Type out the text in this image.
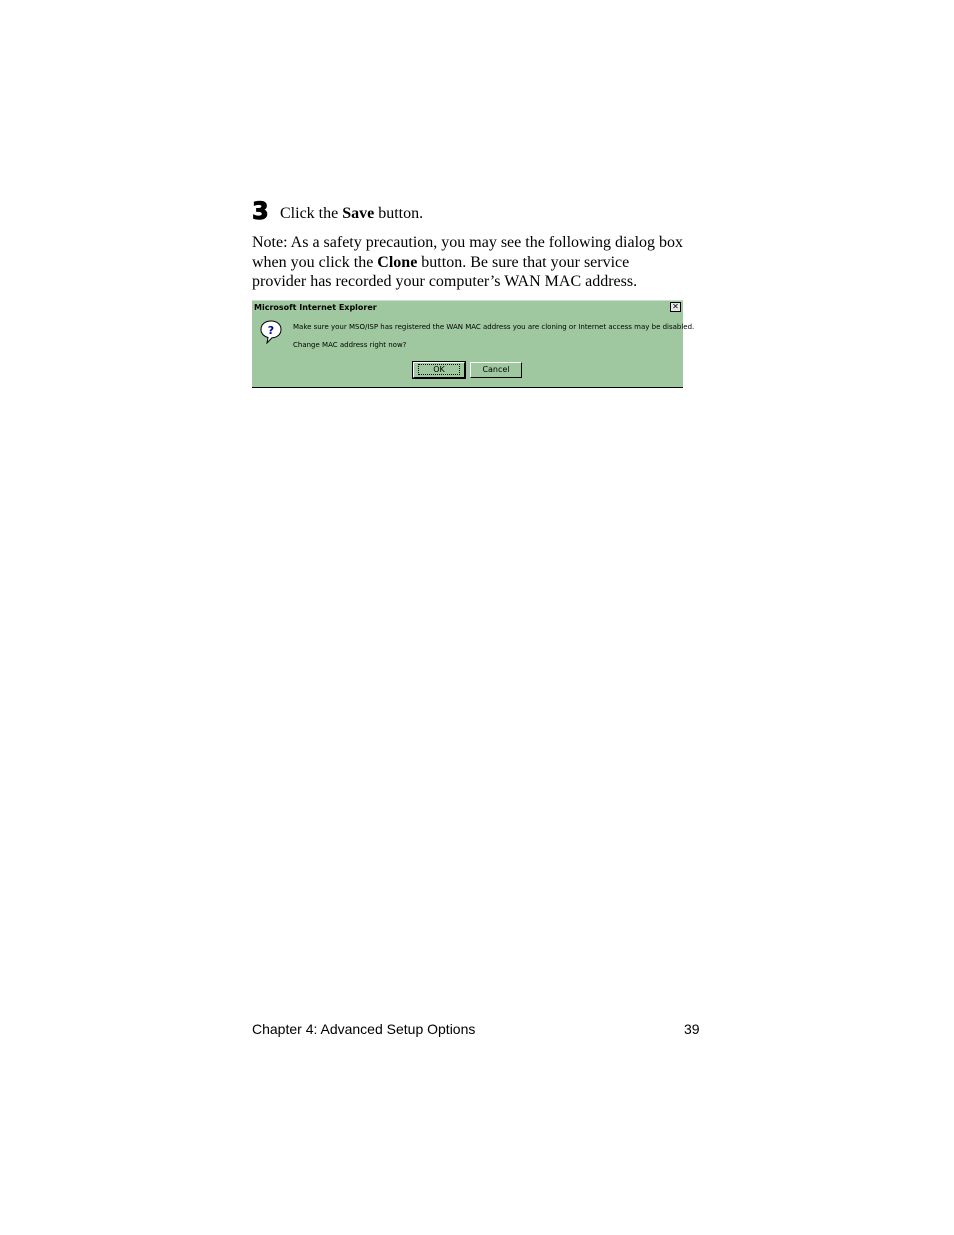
3 Click the Save button.

Note: As a safety precaution, you may see the following dialog box
when you click the Clone button. Be sure that your service
provider has recorded your computer’s WAN MAC address.

Microsoft Internet Explorer	✕
?	Make sure your MSO/ISP has registered the WAN MAC address you are cloning or Internet access may be disabled.
Change MAC address right now?
OK	Cancel
Chapter 4: Advanced Setup Options	39
